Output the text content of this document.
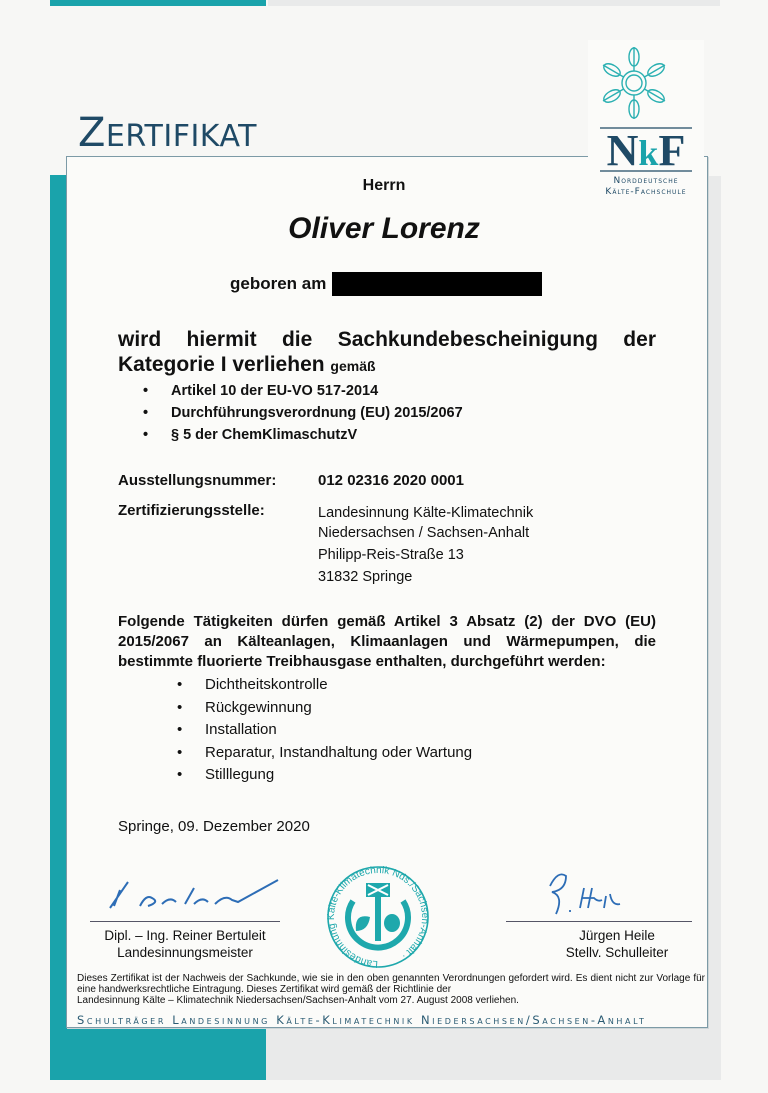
ZERTIFIKAT	NkF
Norddeutsche
Kälte-Fachschule
Herrn
Oliver Lorenz
geboren am
wird hiermit die Sachkundebescheinigung der Kategorie I verliehen gemäß
• Artikel 10 der EU-VO 517-2014
• Durchführungsverordnung (EU) 2015/2067
• § 5 der ChemKlimaschutzV
Ausstellungsnummer:	012 02316 2020 0001
Zertifizierungsstelle:	Landesinnung Kälte-Klimatechnik
Niedersachsen / Sachsen-Anhalt
Philipp-Reis-Straße 13
31832 Springe
Folgende Tätigkeiten dürfen gemäß Artikel 3 Absatz (2) der DVO (EU) 2015/2067 an Kälteanlagen, Klimaanlagen und Wärmepumpen, die bestimmte fluorierte Treibhausgase enthalten, durchgeführt werden:
• Dichtheitskontrolle
• Rückgewinnung
• Installation
• Reparatur, Instandhaltung oder Wartung
• Stilllegung
Springe, 09. Dezember 2020
Dipl. – Ing. Reiner Bertuleit
Landesinnungsmeister
Landesinnung Kälte-Klimatechnik Nds./Sachsen-Anhalt ·
Jürgen Heile
Stellv. Schulleiter
Dieses Zertifikat ist der Nachweis der Sachkunde, wie sie in den oben genannten Verordnungen gefordert wird. Es dient nicht zur Vorlage für eine handwerksrechtliche Eintragung. Dieses Zertifikat wird gemäß der Richtlinie der
Landesinnung Kälte – Klimatechnik Niedersachsen/Sachsen-Anhalt vom 27. August 2008 verliehen.
Schulträger Landesinnung Kälte-Klimatechnik Niedersachsen/Sachsen-Anhalt
